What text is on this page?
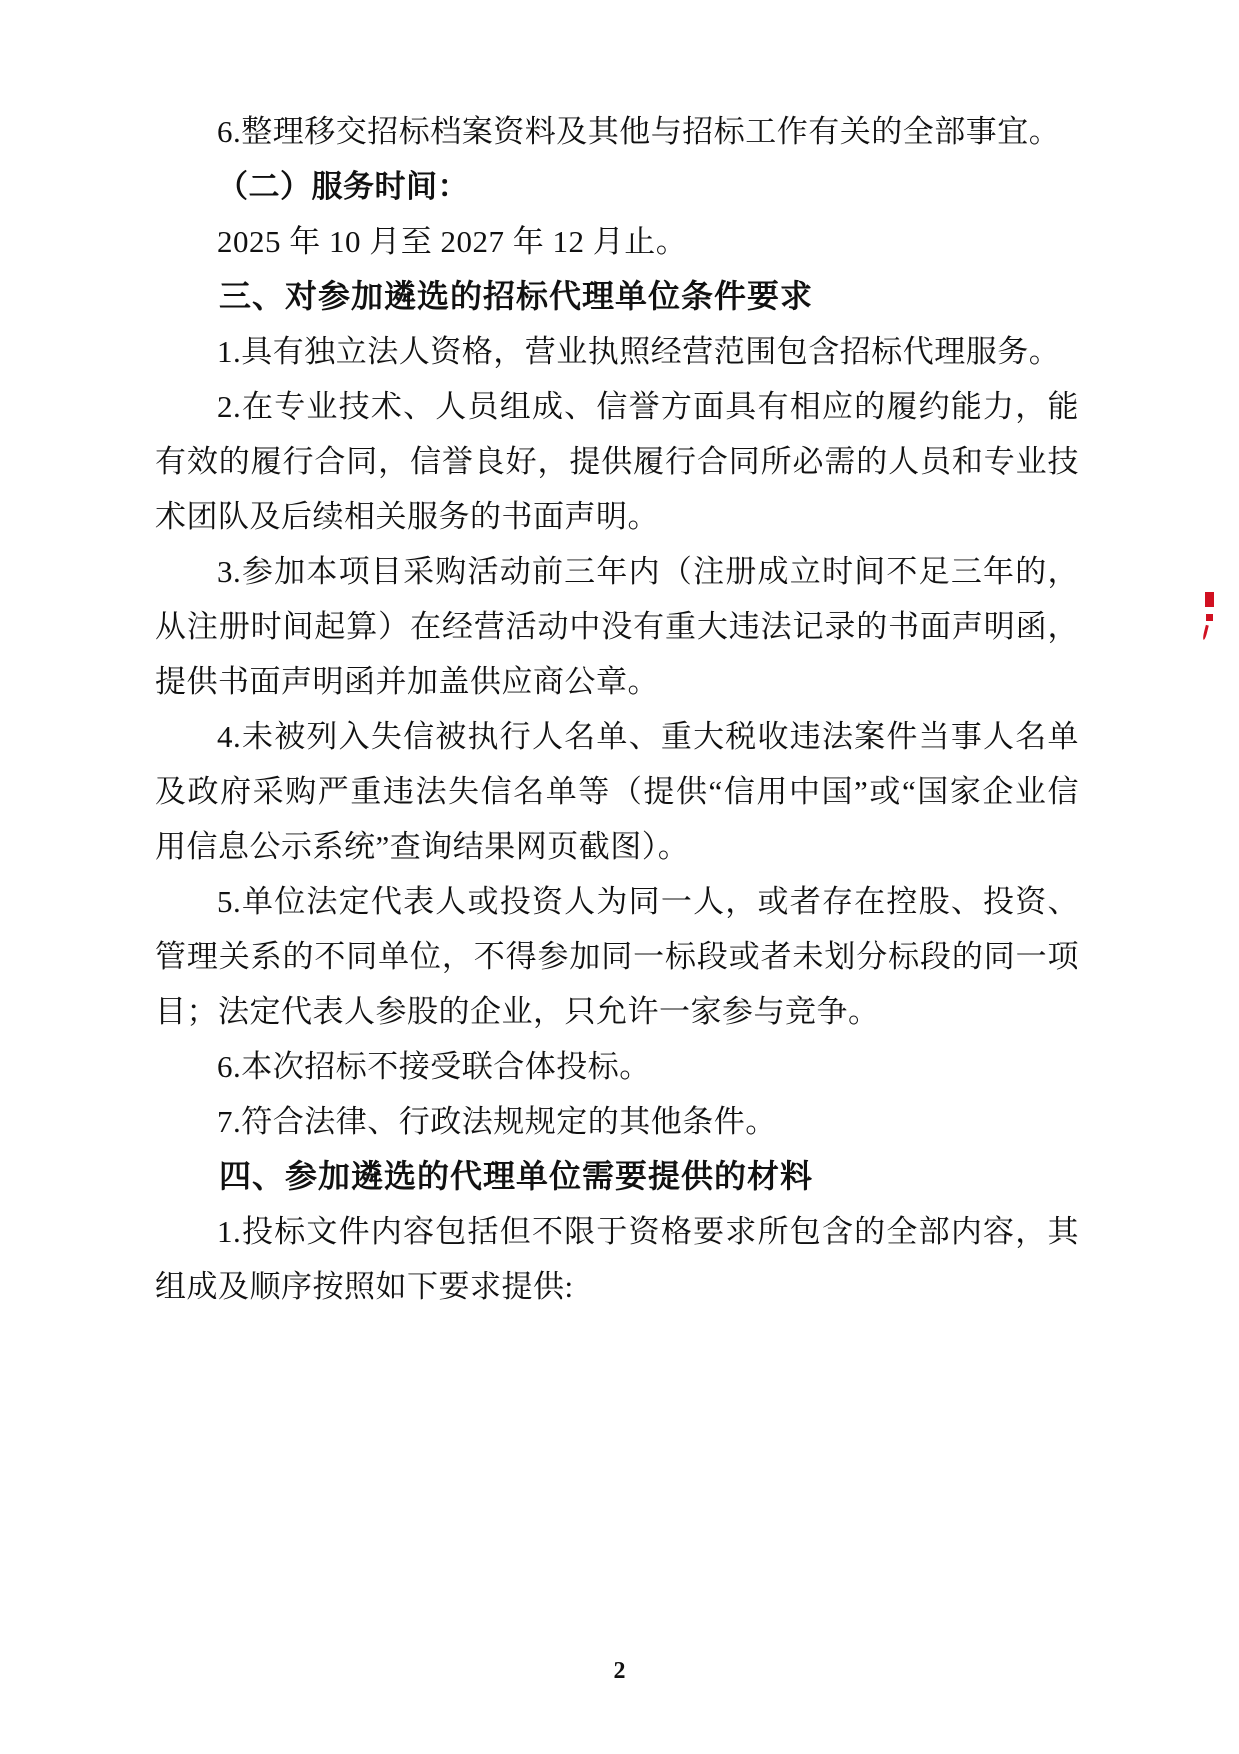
6.整理移交招标档案资料及其他与招标工作有关的全部事宜。

（二）服务时间：

2025 年 10 月至 2027 年 12 月止。

三、对参加遴选的招标代理单位条件要求

1.具有独立法人资格，营业执照经营范围包含招标代理服务。

2.在专业技术、人员组成、信誉方面具有相应的履约能力，能有效的履行合同，信誉良好，提供履行合同所必需的人员和专业技术团队及后续相关服务的书面声明。

3.参加本项目采购活动前三年内（注册成立时间不足三年的，从注册时间起算）在经营活动中没有重大违法记录的书面声明函，提供书面声明函并加盖供应商公章。

4.未被列入失信被执行人名单、重大税收违法案件当事人名单及政府采购严重违法失信名单等（提供“信用中国”或“国家企业信用信息公示系统”查询结果网页截图）。

5.单位法定代表人或投资人为同一人，或者存在控股、投资、管理关系的不同单位，不得参加同一标段或者未划分标段的同一项目；法定代表人参股的企业，只允许一家参与竞争。

6.本次招标不接受联合体投标。

7.符合法律、行政法规规定的其他条件。

四、参加遴选的代理单位需要提供的材料

1.投标文件内容包括但不限于资格要求所包含的全部内容，其组成及顺序按照如下要求提供:

2
